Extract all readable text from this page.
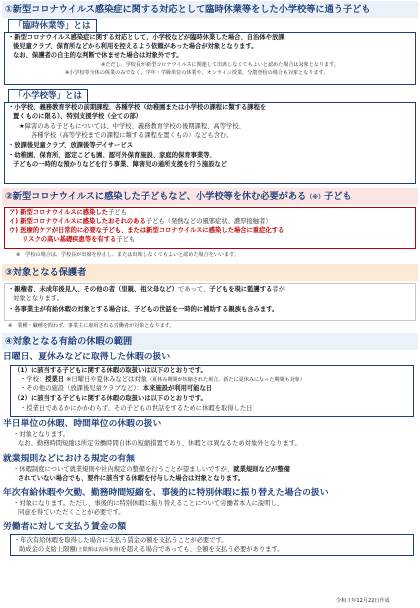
①新型コロナウイルス感染症に関する対応として臨時休業等をした小学校等に通う子ども
「臨時休業等」とは
・新型コロナウイルス感染症に関する対応として、小学校などが臨時休業した場合、自治体や放課
後児童クラブ、保育所などから利用を控えるよう依頼があった場合が対象となります。
なお、保護者の自主的な判断で休ませた場合は対象外です。
※ただし、学校長が新型コロナウイルスに関連して出席しなくてもよいと認めた場合は対象となります。
※小学校等全体の休業のみでなく、学年・学級単位の休業や、オンライン授業、分散登校の場合も対象となります。
「小学校等」とは
・小学校、義務教育学校の前期課程、各種学校（幼稚園または小学校の課程に類する課程を
置くものに限る）、特別支援学校（全ての部）
★障害のある子どもについては、中学校、義務教育学校の後期課程、高等学校、
各種学校（高等学校までの課程に類する課程を置くもの）なども含む。
・放課後児童クラブ、放課後等デイサービス
・幼稚園、保育所、認定こども園、認可外保育施設、家庭的保育事業等、
子どもの一時的な預かりなどを行う事業、障害児の通所支援を行う施設など
②新型コロナウイルスに感染した子どもなど、小学校等を休む必要がある（※）子ども
ア) 新型コロナウイルスに感染した子ども
イ) 新型コロナウイルスに感染したおそれのある子ども（発熱などの風邪症状、濃厚接触者）
ウ) 医療的ケアが日常的に必要な子ども、または新型コロナウイルスに感染した場合に重症化する
リスクの高い基礎疾患等を有する子ども
※　学校の場合は、学校長が出席を停止し、または出席しなくてもよいと認めた場合をいいます。
③対象となる保護者
・親権者、未成年後見人、その他の者（里親、祖父母など）であって、子どもを現に監護する者が
対象となります。
・各事業主が有給休暇の対象とする場合は、子どもの世話を一時的に補助する親族も含みます。
※　業種・職種を問わず、事業主に雇用される労働者が対象となります。
④対象となる有給の休暇の範囲
日曜日、夏休みなどに取得した休暇の扱い
（1）に該当する子どもに関する休暇の取扱いは以下のとおりです。
・学校：授業日 ※日曜日や夏休みなどは対象（夏休み期間が短縮された場合、新たに夏休みになった期間も対象）
・その他の施設（放課後児童クラブなど）：本来施設が利用可能な日
（2）に該当する子どもに関する休暇の取扱いは以下のとおりです。
・授業日であるかにかかわらず、その子どもの世話をするために休暇を取得した日
半日単位の休暇、時間単位の休暇の扱い
・対象となります。
なお、勤務時間短縮は所定労働時間自体の短縮措置であり、休暇とは異なるため対象外となります。
就業規則などにおける規定の有無
・休暇制度について就業規則や社内規定の整備を行うことが望ましいですが、就業規則などが整備
されていない場合でも、要件に該当する休暇を付与した場合は対象となります。
年次有給休暇や欠勤、勤務時間短縮を、事後的に特別休暇に振り替えた場合の扱い
・対象になります。ただし、事後的に特別休暇に振り替えることについて労働者本人に説明し、
同意を得ていただくことが必要です。
労働者に対して支払う賃金の額
・年次有給休暇を取得した場合に支払う賃金の額を支払うことが必要です。
助成金の支給上限額(上限額は表面参照)を超える場合であっても、全額を支払う必要があります。
令和３年12月22日作成
